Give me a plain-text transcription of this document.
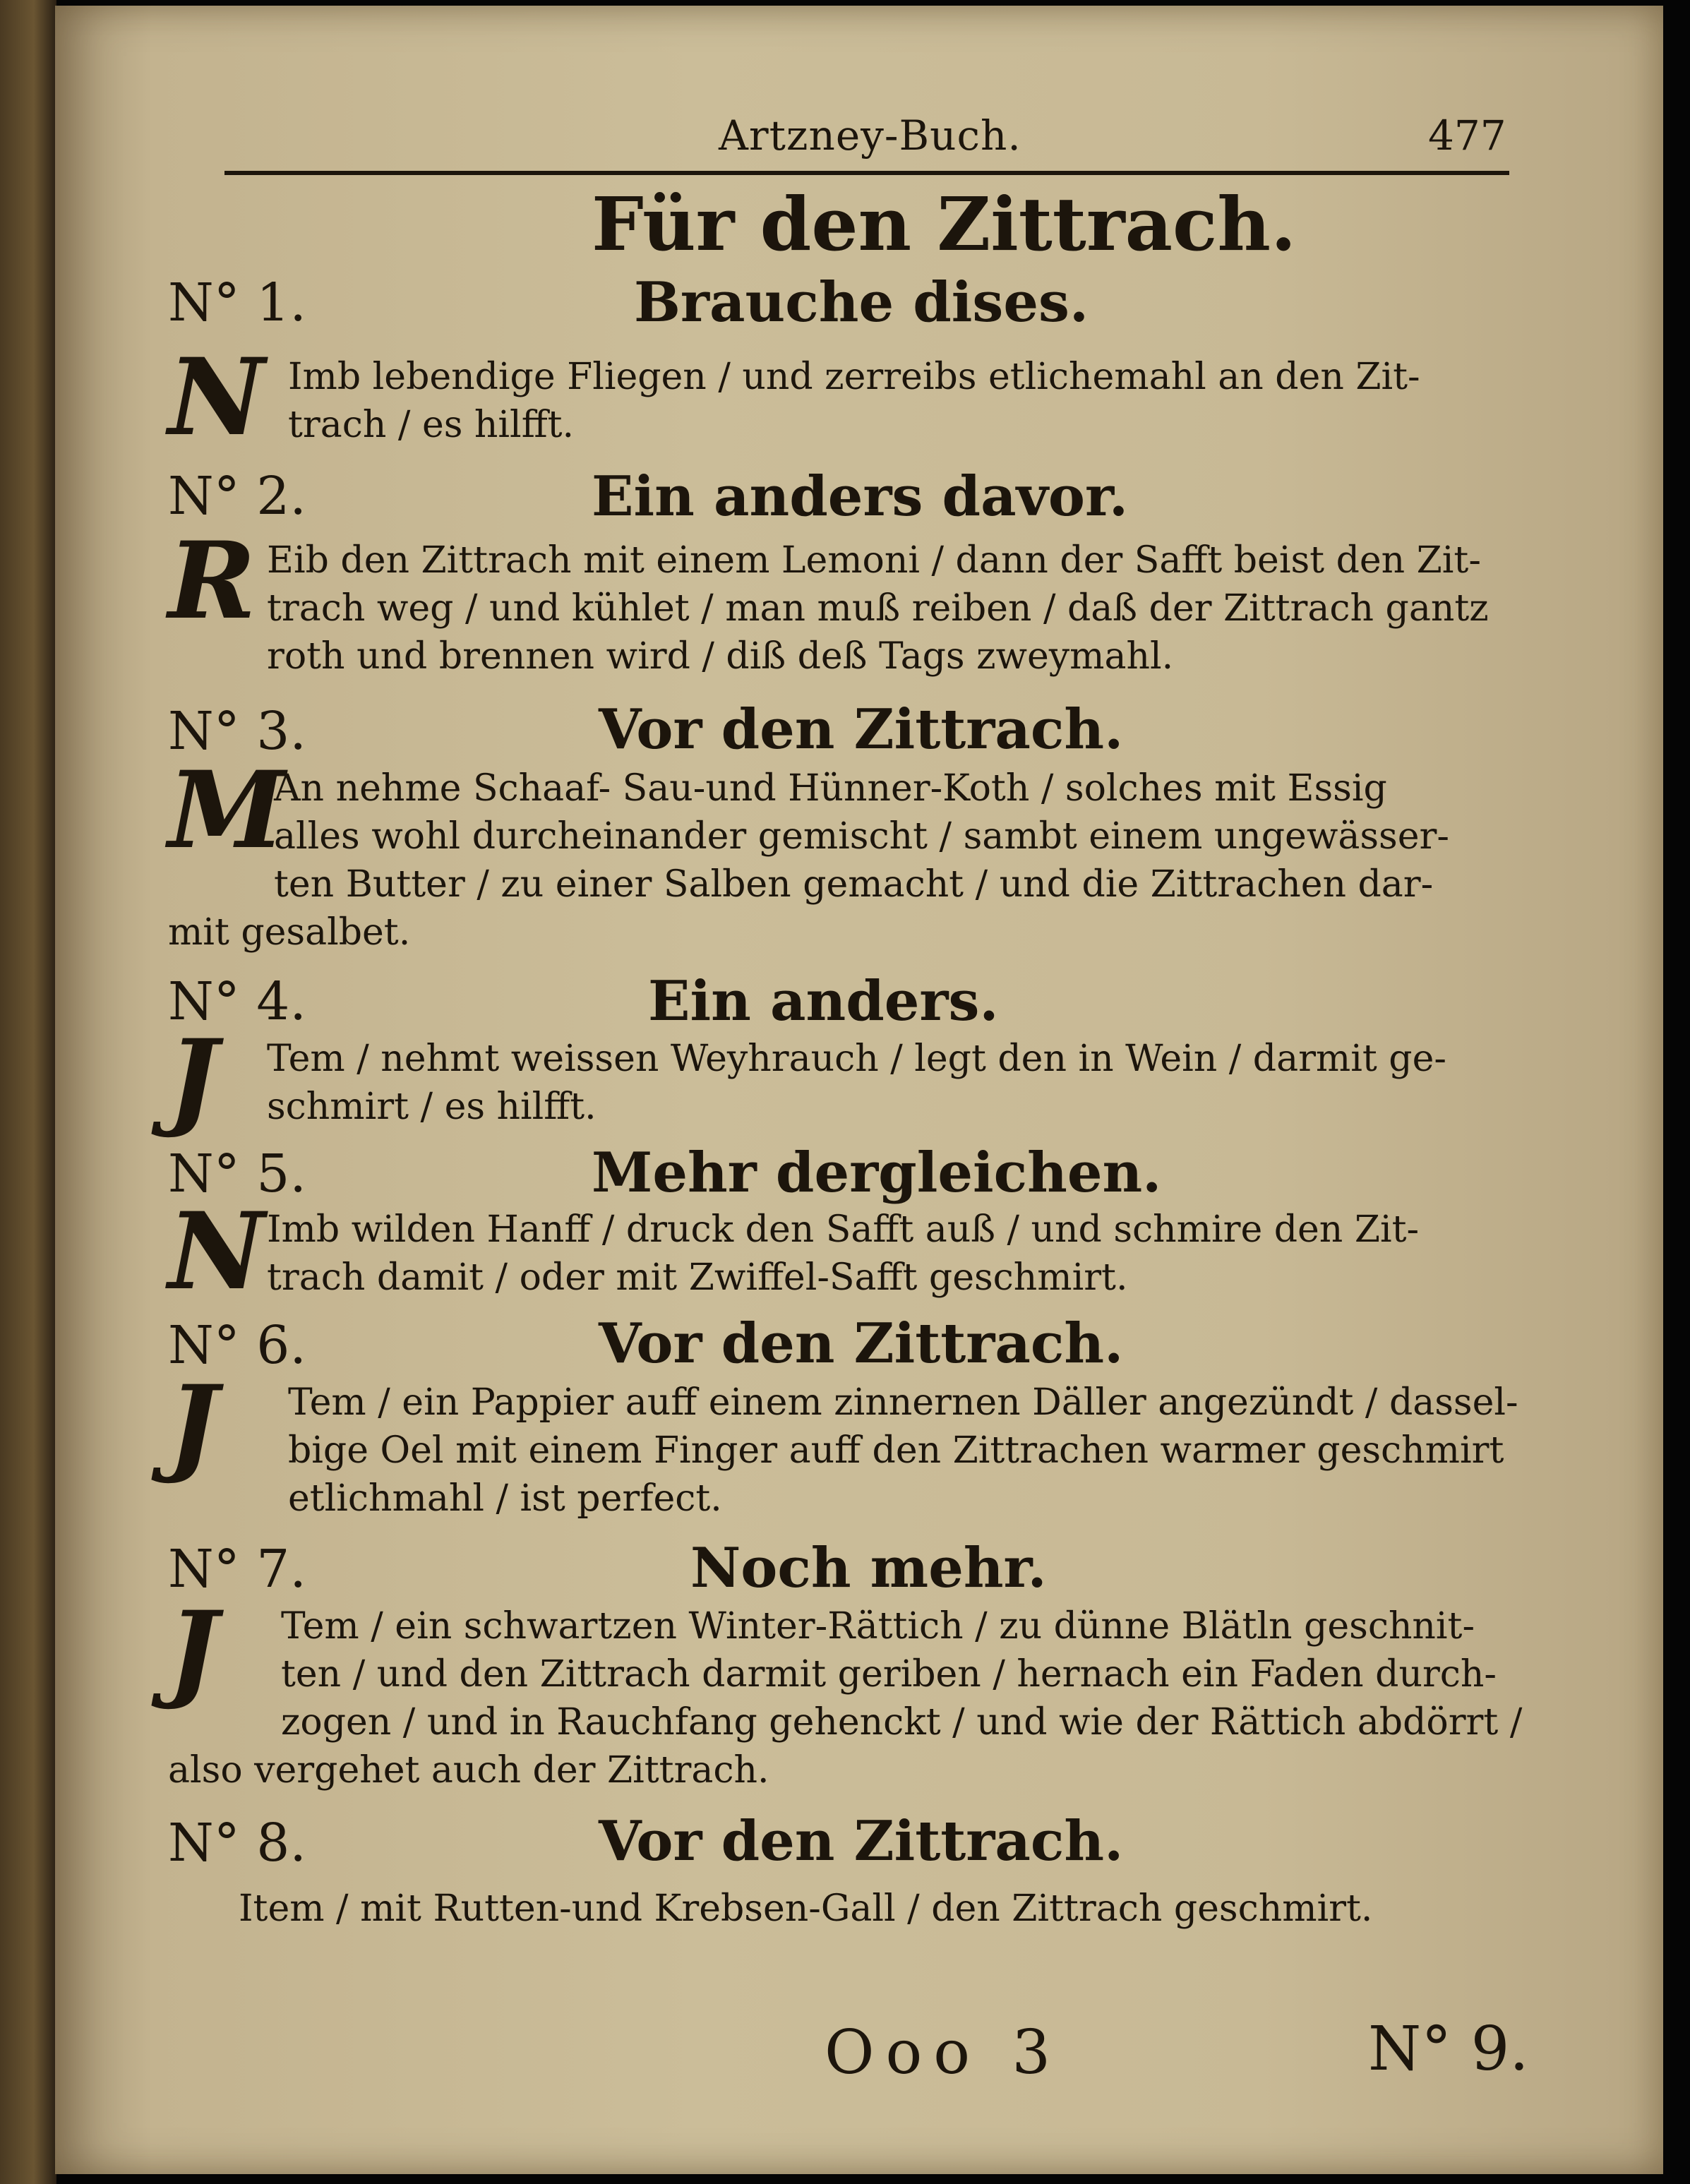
Artzney-Buch.	477
Für den Zittrach.
N° 1.	Brauche dises.
N Imb lebendige Fliegen / und zerreibs etlichemahl an den Zit-
trach / es hilfft.
N° 2.	Ein anders davor.
R Eib den Zittrach mit einem Lemoni / dann der Safft beist den Zit-
trach weg / und kühlet / man muß reiben / daß der Zittrach gantz
roth und brennen wird / diß deß Tags zweymahl.
N° 3.	Vor den Zittrach.
M
An nehme Schaaf- Sau-und Hünner-Koth / solches mit Essig
alles wohl durcheinander gemischt / sambt einem ungewässer-
ten Butter / zu einer Salben gemacht / und die Zittrachen dar-
mit gesalbet.
N° 4.	Ein anders.
J Tem / nehmt weissen Weyhrauch / legt den in Wein / darmit ge-
schmirt / es hilfft.
N° 5.	Mehr dergleichen.
N Imb wilden Hanff / druck den Safft auß / und schmire den Zit-
trach damit / oder mit Zwiffel-Safft geschmirt.
N° 6.	Vor den Zittrach.
J Tem / ein Pappier auff einem zinnernen Däller angezündt / dassel-
bige Oel mit einem Finger auff den Zittrachen warmer geschmirt
etlichmahl / ist perfect.
N° 7.	Noch mehr.
J Tem / ein schwartzen Winter-Rättich / zu dünne Blätln geschnit-
ten / und den Zittrach darmit geriben / hernach ein Faden durch-
zogen / und in Rauchfang gehenckt / und wie der Rättich abdörrt /
also vergehet auch der Zittrach.
N° 8.	Vor den Zittrach.
Item / mit Rutten-und Krebsen-Gall / den Zittrach geschmirt.
Ooo 3	N° 9.
